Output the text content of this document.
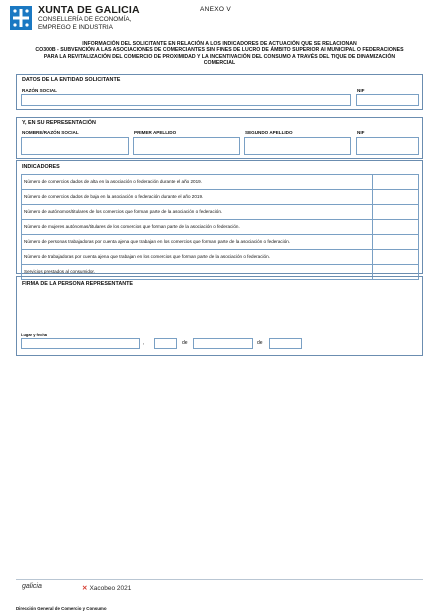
XUNTA DE GALICIA
CONSELLERÍA DE ECONOMÍA,
EMPREGO E INDUSTRIA
ANEXO V
INFORMACIÓN DEL SOLICITANTE EN RELACIÓN A LOS INDICADORES DE ACTUACIÓN QUE SE RELACIONAN
CO300B - SUBVENCIÓN A LAS ASOCIACIONES DE COMERCIANTES SIN FINES DE LUCRO DE ÁMBITO SUPERIOR AI MUNICIPAL O FEDERACIONES
PARA LA REVITALIZACIÓN DEL COMERCIO DE PROXIMIDAD Y LA INCENTIVACIÓN DEL CONSUMO A TRAVÉS DEL TIQUE DE DINAMIZACIÓN
COMERCIAL
DATOS DE LA ENTIDAD SOLICITANTE
RAZÓN SOCIAL	NIF
Y, EN SU REPRESENTACIÓN
NOMBRE/RAZÓN SOCIAL	PRIMER APELLIDO	SEGUNDO APELLIDO	NIF
INDICADORES
Número de comercios dados de alta en la asociación o federación durante el año 2019.	
Número de comercios dados de baja en la asociación o federación durante el año 2019.	
Número de autónomos/titulares de los comercios que forman parte de la asociación o federación.	
Número de mujeres autónomas/titulares de los comercios que forman parte de la asociación o federación.	
Número de personas trabajadoras por cuenta ajena que trabajan en los comercios que forman parte de la asociación o federación.	
Número de trabajadoras por cuenta ajena que trabajan en los comercios que forman parte de la asociación o federación.	
Servicios prestados al consumidor.	
FIRMA DE LA PERSONA REPRESENTANTE
Lugar y fecha
,	de	de
galicia	✕ Xacobeo 2021
Dirección General de Comercio y Consumo
